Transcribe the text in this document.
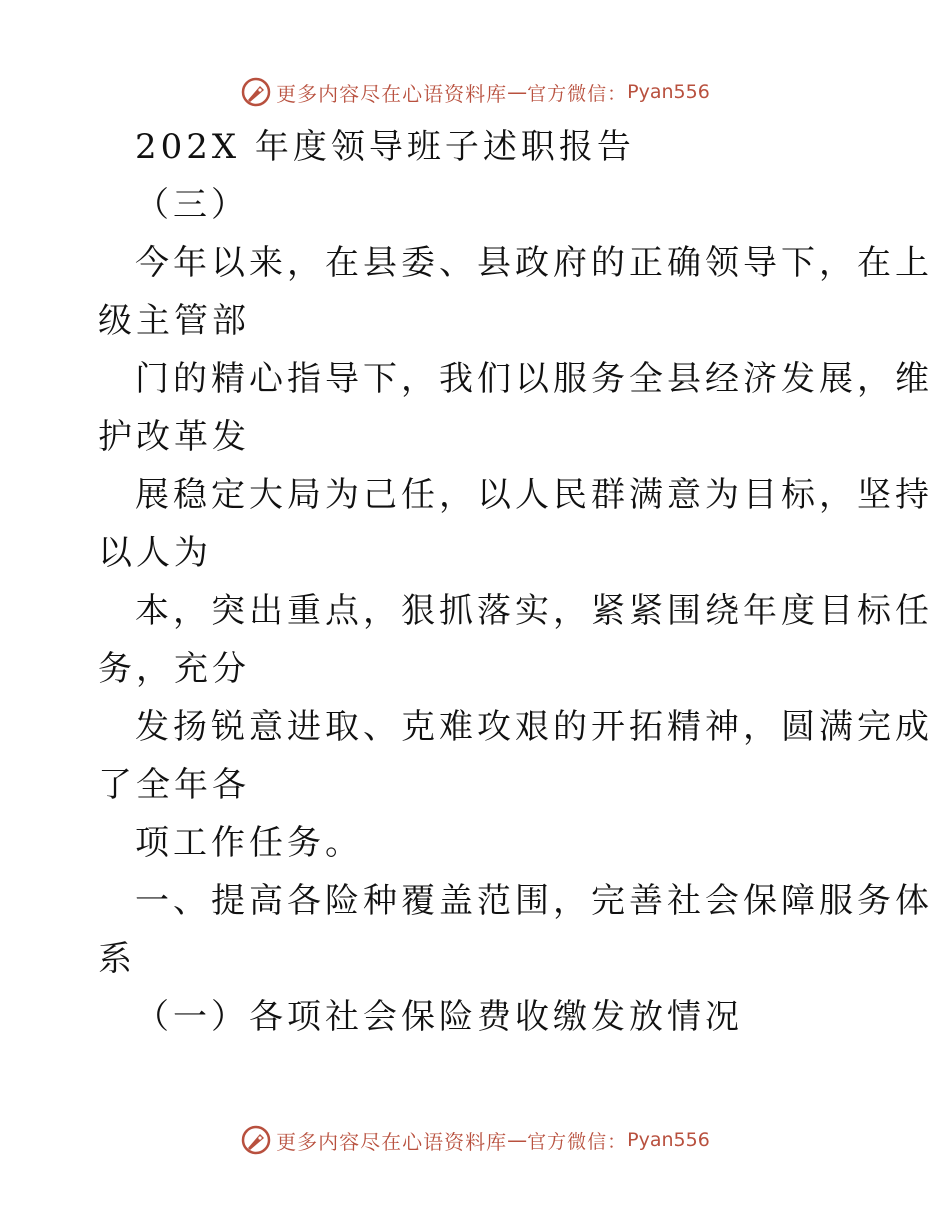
更多内容尽在心语资料库 — 官方微信： Pyan556
202X 年度领导班子述职报告
（三）
今年以来，在县委、县政府的正确领导下，在上
级主管部
门的精心指导下，我们以服务全县经济发展，维
护改革发
展稳定大局为己任，以人民群满意为目标，坚持
以人为
本，突出重点，狠抓落实，紧紧围绕年度目标任
务，充分
发扬锐意进取、克难攻艰的开拓精神，圆满完成
了全年各
项工作任务。
一、提高各险种覆盖范围，完善社会保障服务体
系
（一）各项社会保险费收缴发放情况
更多内容尽在心语资料库 — 官方微信： Pyan556
